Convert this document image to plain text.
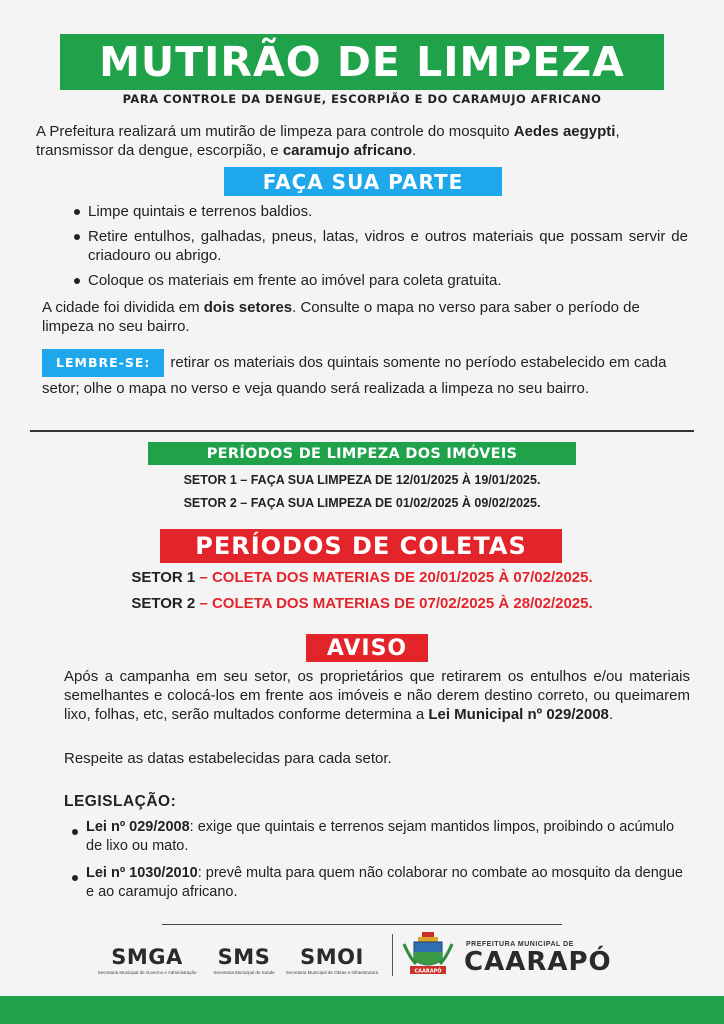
MUTIRÃO DE LIMPEZA
PARA CONTROLE DA DENGUE, ESCORPIÃO E DO CARAMUJO AFRICANO
A Prefeitura realizará um mutirão de limpeza para controle do mosquito Aedes aegypti, transmissor da dengue, escorpião, e caramujo africano.
FAÇA SUA PARTE
Limpe quintais e terrenos baldios.
Retire entulhos, galhadas, pneus, latas, vidros e outros materiais que possam servir de criadouro ou abrigo.
Coloque os materiais em frente ao imóvel para coleta gratuita.
A cidade foi dividida em dois setores. Consulte o mapa no verso para saber o período de limpeza no seu bairro.
LEMBRE-SE: retirar os materiais dos quintais somente no período estabelecido em cada setor; olhe o mapa no verso e veja quando será realizada a limpeza no seu bairro.
PERÍODOS DE LIMPEZA DOS IMÓVEIS
SETOR 1 – FAÇA SUA LIMPEZA DE 12/01/2025 À 19/01/2025.
SETOR 2 – FAÇA SUA LIMPEZA DE 01/02/2025 À 09/02/2025.
PERÍODOS DE COLETAS
SETOR 1 – COLETA DOS MATERIAS DE 20/01/2025 À 07/02/2025.
SETOR 2 – COLETA DOS MATERIAS DE 07/02/2025 À 28/02/2025.
AVISO
Após a campanha em seu setor, os proprietários que retirarem os entulhos e/ou materiais semelhantes e colocá-los em frente aos imóveis e não derem destino correto, ou queimarem lixo, folhas, etc, serão multados conforme determina a Lei Municipal nº 029/2008.
Respeite as datas estabelecidas para cada setor.
LEGISLAÇÃO:
Lei nº 029/2008: exige que quintais e terrenos sejam mantidos limpos, proibindo o acúmulo de lixo ou mato.
Lei nº 1030/2010: prevê multa para quem não colaborar no combate ao mosquito da dengue e ao caramujo africano.
SMGA
Secretaria Municipal de Governo e Administração
SMS
Secretaria Municipal de Saúde
SMOI
Secretaria Municipal de Obras e Infraestrutura	CAARAPÓ
PREFEITURA MUNICIPAL DE
CAARAPÓ
